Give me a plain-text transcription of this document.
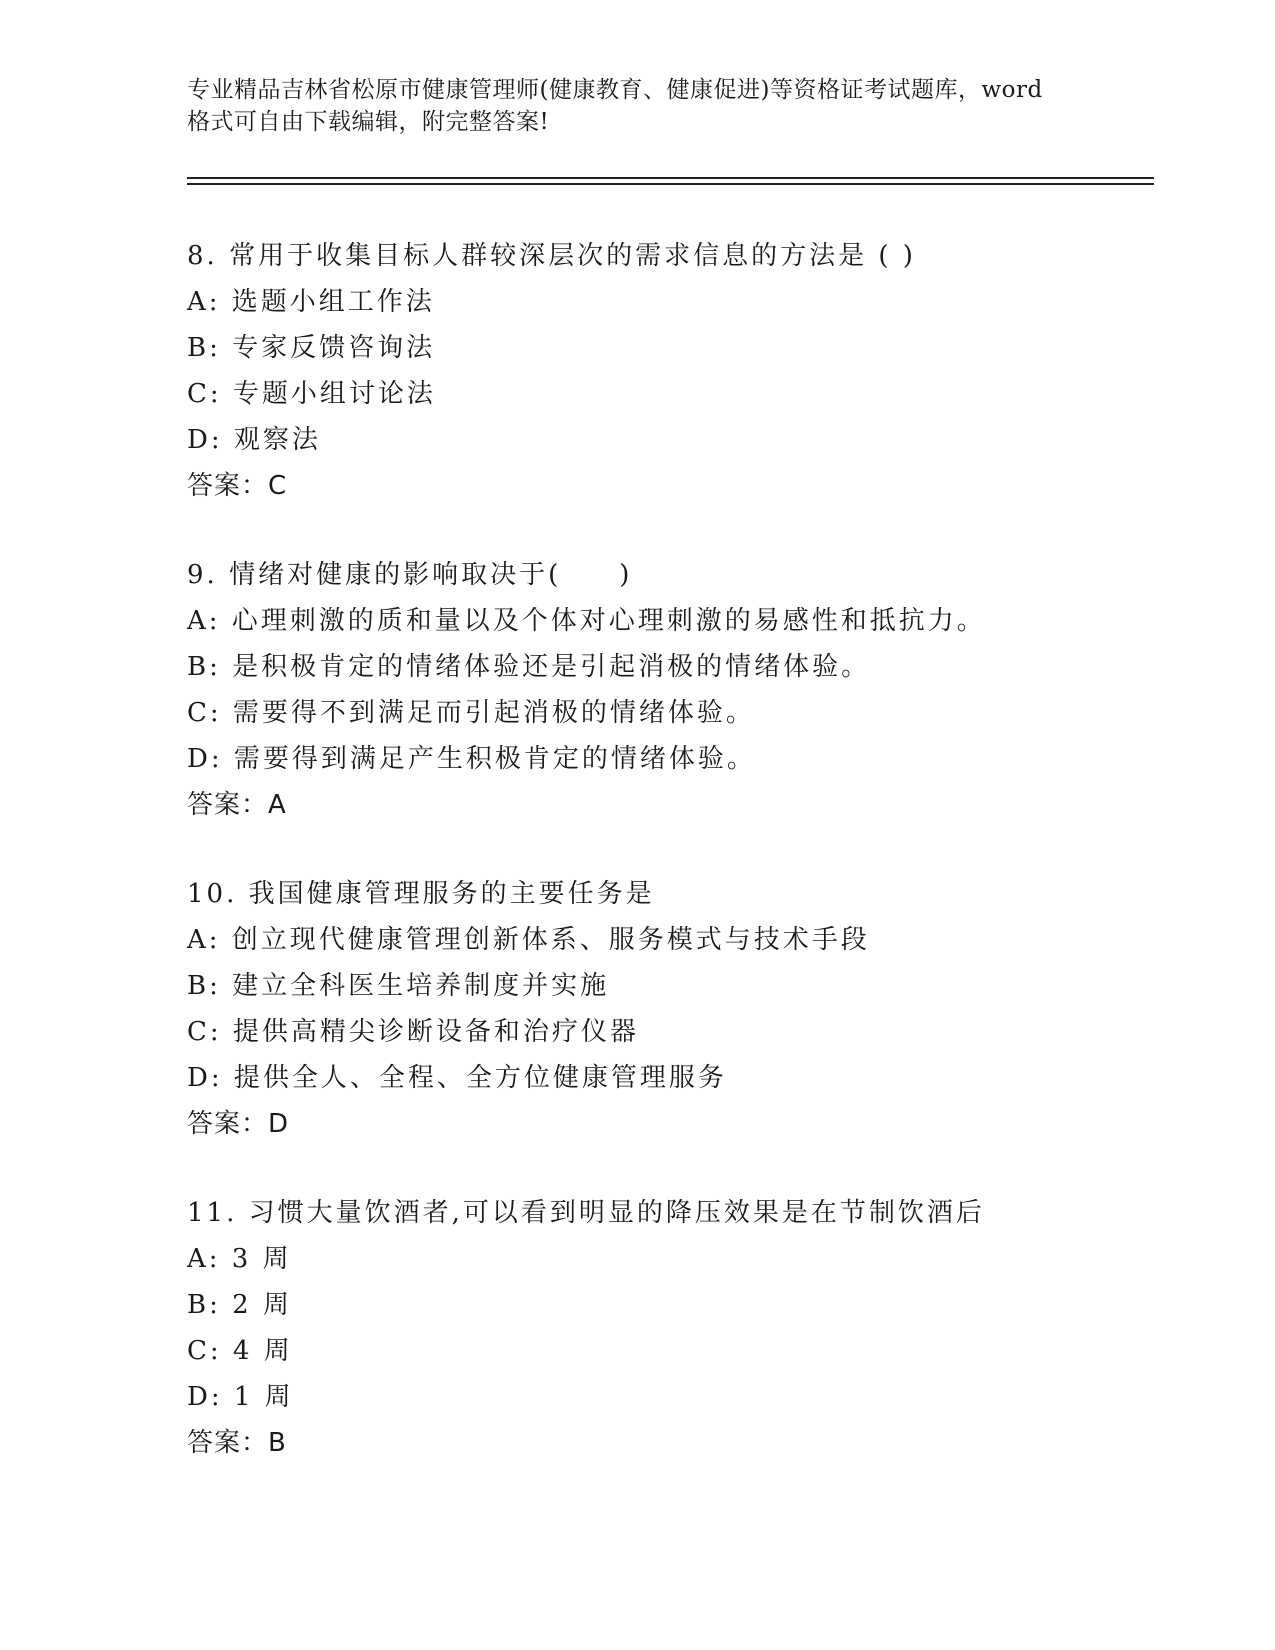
专业精品吉林省松原市健康管理师(健康教育、健康促进)等资格证考试题库，word
格式可自由下载编辑，附完整答案!
8. 常用于收集目标人群较深层次的需求信息的方法是 ( )
A: 选题小组工作法
B: 专家反馈咨询法
C: 专题小组讨论法
D: 观察法
答案：C
9. 情绪对健康的影响取决于(　　)
A: 心理刺激的质和量以及个体对心理刺激的易感性和抵抗力。
B: 是积极肯定的情绪体验还是引起消极的情绪体验。
C: 需要得不到满足而引起消极的情绪体验。
D: 需要得到满足产生积极肯定的情绪体验。
答案：A
10. 我国健康管理服务的主要任务是
A: 创立现代健康管理创新体系、服务模式与技术手段
B: 建立全科医生培养制度并实施
C: 提供高精尖诊断设备和治疗仪器
D: 提供全人、全程、全方位健康管理服务
答案：D
11. 习惯大量饮酒者,可以看到明显的降压效果是在节制饮酒后
A: 3 周
B: 2 周
C: 4 周
D: 1 周
答案：B
